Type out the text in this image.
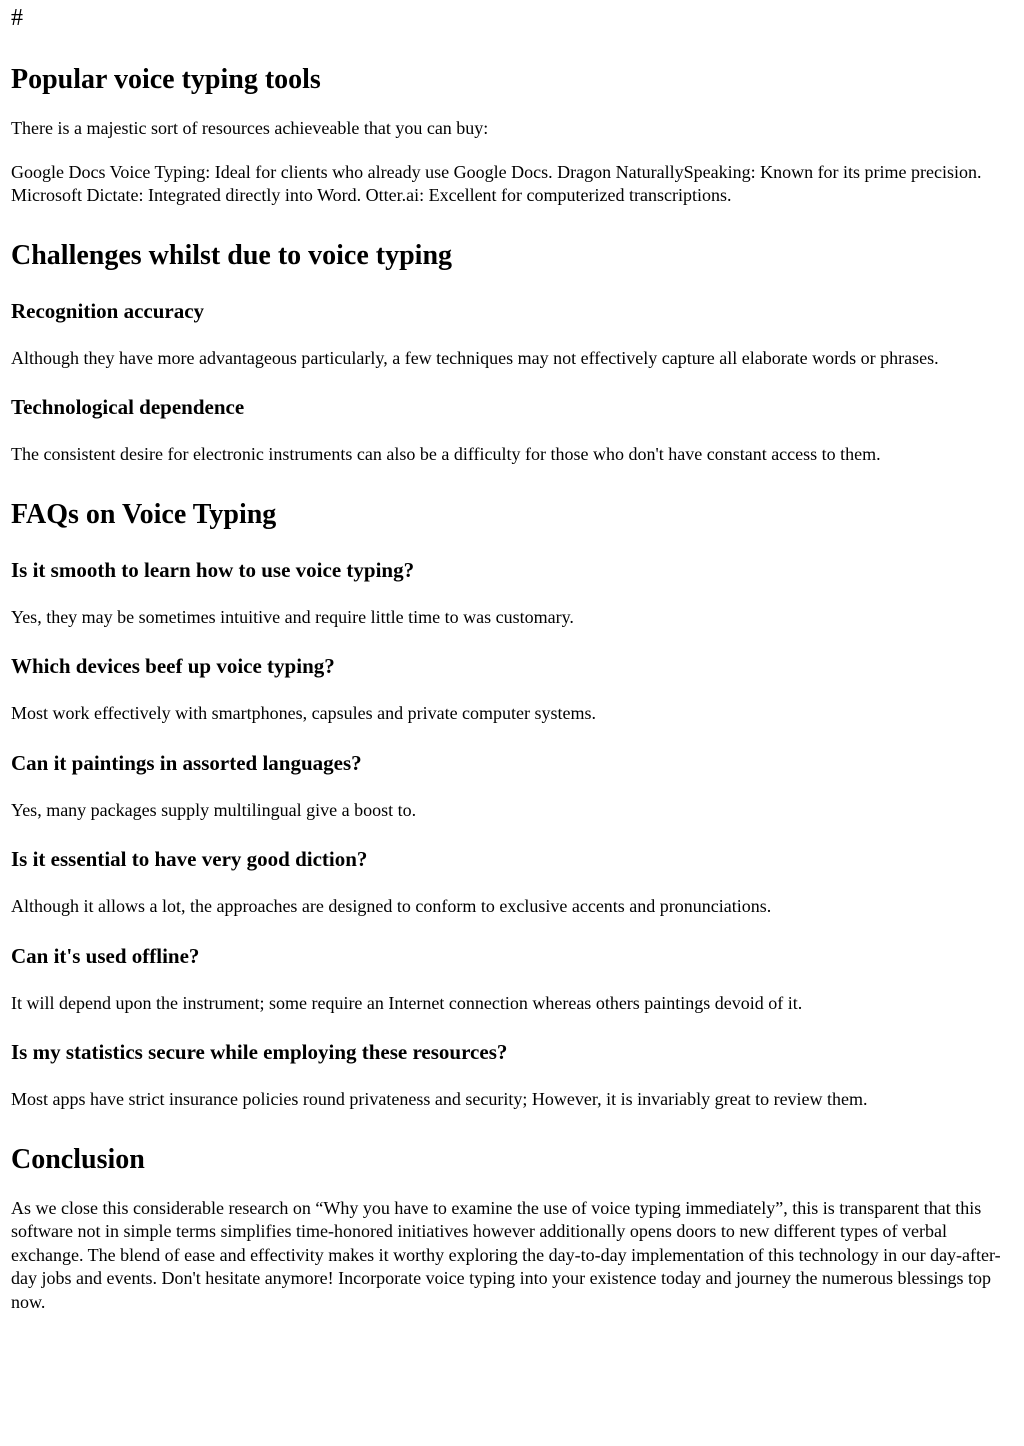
#
Popular voice typing tools

There is a majestic sort of resources achieveable that you can buy:

Google Docs Voice Typing: Ideal for clients who already use Google Docs. Dragon NaturallySpeaking: Known for its prime precision. Microsoft Dictate: Integrated directly into Word. Otter.ai: Excellent for computerized transcriptions.

Challenges whilst due to voice typing
Recognition accuracy

Although they have more advantageous particularly, a few techniques may not effectively capture all elaborate words or phrases.

Technological dependence

The consistent desire for electronic instruments can also be a difficulty for those who don't have constant access to them.

FAQs on Voice Typing
Is it smooth to learn how to use voice typing?

Yes, they may be sometimes intuitive and require little time to was customary.

Which devices beef up voice typing?

Most work effectively with smartphones, capsules and private computer systems.

Can it paintings in assorted languages?

Yes, many packages supply multilingual give a boost to.

Is it essential to have very good diction?

Although it allows a lot, the approaches are designed to conform to exclusive accents and pronunciations.

Can it's used offline?

It will depend upon the instrument; some require an Internet connection whereas others paintings devoid of it.

Is my statistics secure while employing these resources?

Most apps have strict insurance policies round privateness and security; However, it is invariably great to review them.

Conclusion

As we close this considerable research on “Why you have to examine the use of voice typing immediately”, this is transparent that this software not in simple terms simplifies time-honored initiatives however additionally opens doors to new different types of verbal exchange. The blend of ease and effectivity makes it worthy exploring the day-to-day implementation of this technology in our day-after-day jobs and events. Don't hesitate anymore! Incorporate voice typing into your existence today and journey the numerous blessings top now.
